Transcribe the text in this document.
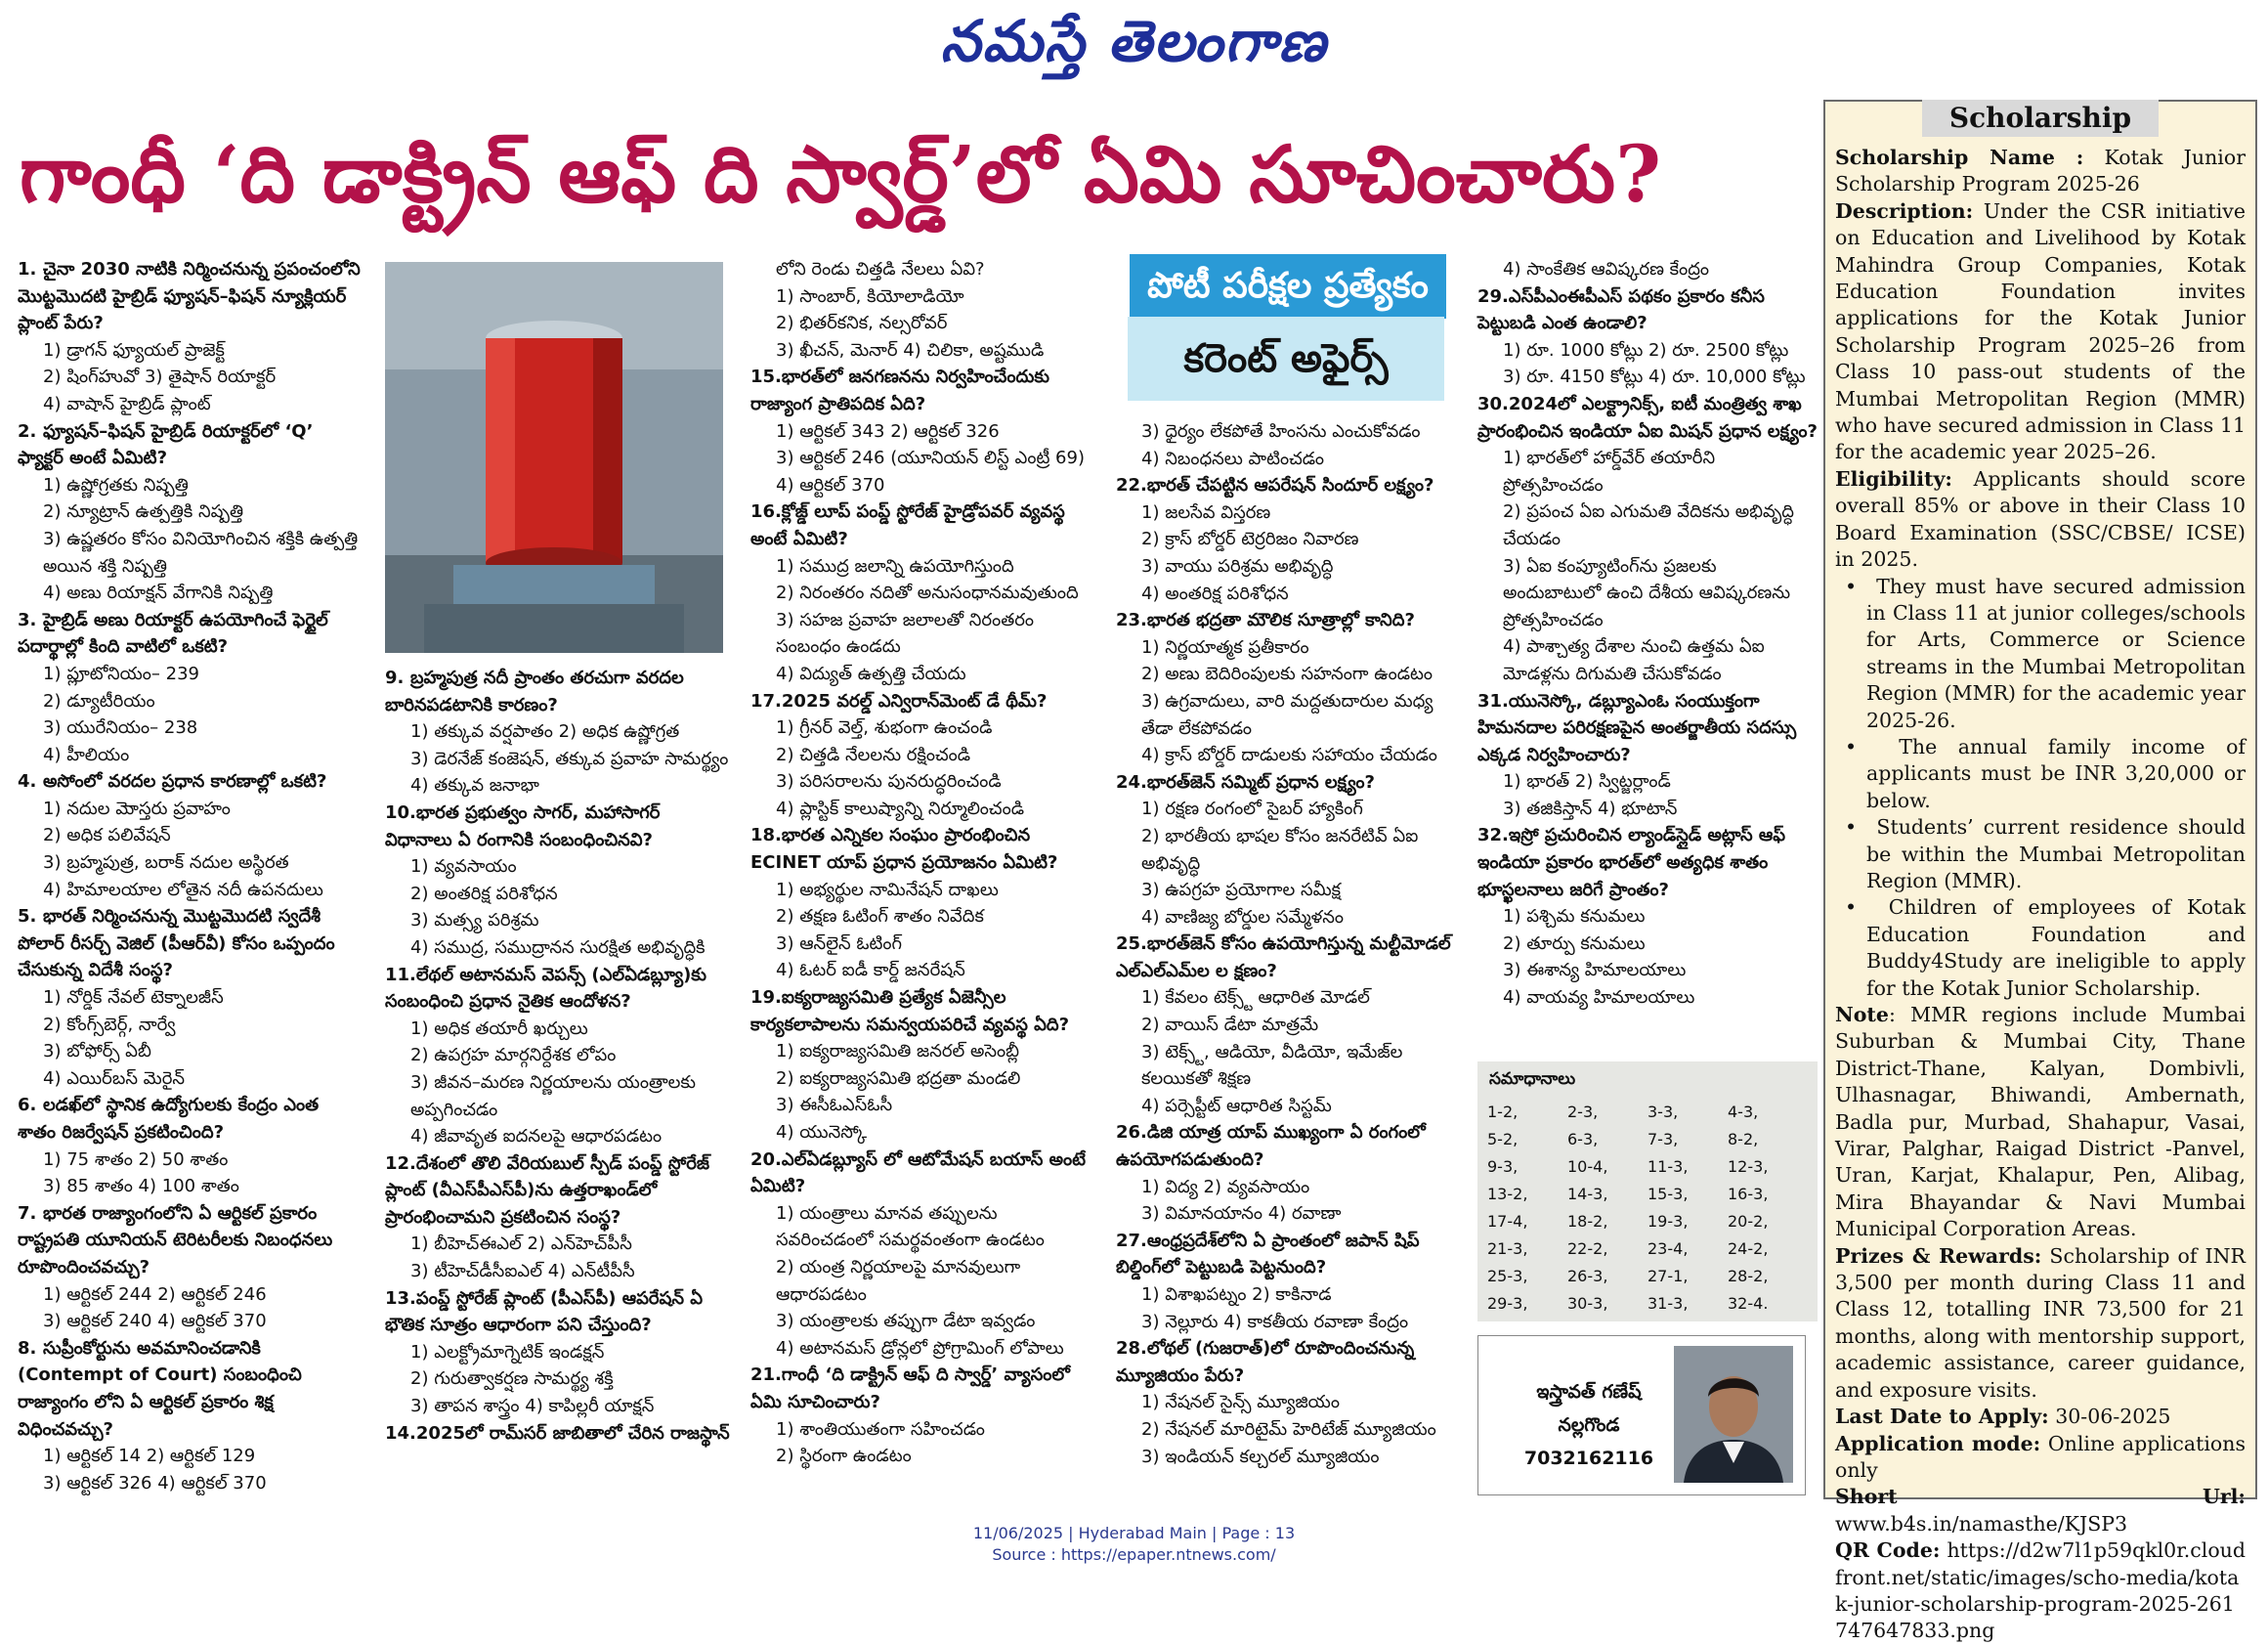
నమస్తే తెలంగాణ
గాంధీ ‘ది డాక్ట్రిన్ ఆఫ్ ది స్వార్డ్’లో ఏమి సూచించారు?

1. చైనా 2030 నాటికి నిర్మించనున్న ప్రపంచంలోని మొట్టమొదటి హైబ్రిడ్ ఫ్యూషన్–ఫిషన్ న్యూక్లియర్ ప్లాంట్ పేరు?

1) డ్రాగన్ ఫ్యూయల్ ప్రాజెక్ట్

2) షింగ్‌హువో 3) తైషాన్ రియాక్టర్

4) వాషాన్ హైబ్రిడ్ ప్లాంట్

2. ఫ్యూషన్–ఫిషన్ హైబ్రిడ్ రియాక్టర్‌లో ‘Q’ ఫ్యాక్టర్ అంటే ఏమిటి?

1) ఉష్ణోగ్రతకు నిష్పత్తి

2) న్యూట్రాన్ ఉత్పత్తికి నిష్పత్తి

3) ఉష్ణతరం కోసం వినియోగించిన శక్తికి ఉత్పత్తి అయిన శక్తి నిష్పత్తి

4) అణు రియాక్షన్ వేగానికి నిష్పత్తి

3. హైబ్రిడ్ అణు రియాక్టర్ ఉపయోగించే ఫెర్టైల్ పదార్థాల్లో కింది వాటిలో ఒకటి?

1) ప్లూటోనియం– 239

2) డ్యూటీరియం

3) యురేనియం– 238

4) హీలియం

4. అసోంలో వరదల ప్రధాన కారణాల్లో ఒకటి?

1) నదుల మెాస్తరు ప్రవాహం

2) అధిక పలివేషన్

3) బ్రహ్మపుత్ర, బరాక్ నదుల అస్థిరత

4) హిమాలయాల లోతైన నదీ ఉపనదులు

5. భారత్ నిర్మించనున్న మొట్టమొదటి స్వదేశీ పోలార్ రీసర్చ్ వెజిల్ (పీఆర్‌వీ) కోసం ఒప్పందం చేసుకున్న విదేశీ సంస్థ?

1) నోర్డిక్ నేవల్ టెక్నాలజీస్

2) కోంగ్స్‌బెర్గ్, నార్వే

3) బోఫోర్స్ ఏబీ

4) ఎయిర్‌బస్ మెరైన్

6. లడఖ్‌లో స్థానిక ఉద్యోగులకు కేంద్రం ఎంత శాతం రిజర్వేషన్ ప్రకటించింది?

1) 75 శాతం 2) 50 శాతం

3) 85 శాతం 4) 100 శాతం

7. భారత రాజ్యాంగంలోని ఏ ఆర్టికల్ ప్రకారం రాష్ట్రపతి యూనియన్ టెరిటరీలకు నిబంధనలు రూపొందించవచ్చు?

1) ఆర్టికల్ 244 2) ఆర్టికల్ 246

3) ఆర్టికల్ 240 4) ఆర్టికల్ 370

8. సుప్రీంకోర్టును అవమానించడానికి (Contempt of Court) సంబంధించి రాజ్యాంగం లోని ఏ ఆర్టికల్ ప్రకారం శిక్ష విధించవచ్చు?

1) ఆర్టికల్ 14 2) ఆర్టికల్ 129

3) ఆర్టికల్ 326 4) ఆర్టికల్ 370

9. బ్రహ్మపుత్ర నదీ ప్రాంతం తరచుగా వరదల బారినపడటానికి కారణం?

1) తక్కువ వర్షపాతం 2) అధిక ఉష్ణోగ్రత

3) డెరనేజ్ కంజెషన్, తక్కువ ప్రవాహ సామర్థ్యం

4) తక్కువ జనాభా

10.భారత ప్రభుత్వం సాగర్, మహాసాగర్ విధానాలు ఏ రంగానికి సంబంధించినవి?

1) వ్యవసాయం

2) అంతరిక్ష పరిశోధన

3) మత్స్య పరిశ్రమ

4) సముద్ర, సముద్రానన సురక్షిత అభివృద్ధికి

11.లేథల్ అటానమస్ వెపన్స్ (ఎల్ఏడబ్ల్యూ)కు సంబంధించి ప్రధాన నైతిక ఆందోళన?

1) అధిక తయారీ ఖర్చులు

2) ఉపగ్రహ మార్గనిర్దేశక లోపం

3) జీవన–మరణ నిర్ణయాలను యంత్రాలకు అప్పగించడం

4) జీవావృత ఐదనలపై ఆధారపడటం

12.దేశంలో తొలి వేరియబుల్ స్పీడ్ పంప్డ్ స్టోరేజ్ ప్లాంట్ (వీఎస్‌పీఎస్‌పీ)ను ఉత్తరాఖండ్‌లో ప్రారంభించామని ప్రకటించిన సంస్థ?

1) బీహెచ్ఈఎల్ 2) ఎన్‌హెచ్‌పీసీ

3) టీహెచ్‌డీసీఐఎల్ 4) ఎన్‌టీపీసీ

13.పంప్డ్ స్టోరేజ్ ప్లాంట్ (పీఎస్‌పీ) ఆపరేషన్ ఏ భౌతిక సూత్రం ఆధారంగా పని చేస్తుంది?

1) ఎలక్ట్రోమాగ్నెటిక్ ఇండక్షన్

2) గురుత్వాకర్షణ సామర్థ్య శక్తి

3) తాపన శాస్త్రం 4) కాపిల్లరీ యాక్షన్

14.2025లో రామ్‌సర్ జాబితాలో చేరిన రాజస్థాన్

లోని రెండు చిత్తడి నేలలు ఏవి?

1) సాంబార్, కియోలాడియో

2) భితర్‌కనిక, నల్సరోవర్

3) ఖీచన్, మెనార్ 4) చిలికా, అష్టముడి

15.భారత్‌లో జనగణనను నిర్వహించేందుకు రాజ్యాంగ ప్రాతిపదిక ఏది?

1) ఆర్టికల్ 343 2) ఆర్టికల్ 326

3) ఆర్టికల్ 246 (యూనియన్ లిస్ట్ ఎంట్రీ 69)

4) ఆర్టికల్ 370

16.క్లోజ్డ్ లూప్ పంప్డ్ స్టోరేజ్ హైడ్రోపవర్ వ్యవస్థ అంటే ఏమిటి?

1) సముద్ర జలాన్ని ఉపయోగిస్తుంది

2) నిరంతరం నదితో అనుసంధానమవుతుంది

3) సహజ ప్రవాహ జలాలతో నిరంతరం సంబంధం ఉండదు

4) విద్యుత్ ఉత్పత్తి చేయదు

17.2025 వరల్డ్ ఎన్విరాన్‌మెంట్ డే థీమ్?

1) గ్రీనర్ వెల్త్‌, శుభంగా ఉంచండి

2) చిత్తడి నేలలను రక్షించండి

3) పరిసరాలను పునరుద్ధరించండి

4) ప్లాస్టిక్ కాలుష్యాన్ని నిర్మూలించండి

18.భారత ఎన్నికల సంఘం ప్రారంభించిన ECINET యాప్ ప్రధాన ప్రయోజనం ఏమిటి?

1) అభ్యర్థుల నామినేషన్ దాఖలు

2) తక్షణ ఓటింగ్ శాతం నివేదిక

3) ఆన్‌లైన్ ఓటింగ్

4) ఓటర్ ఐడీ కార్డ్ జనరేషన్

19.ఐక్యరాజ్యసమితి ప్రత్యేక ఏజెన్సీల కార్యకలాపాలను సమన్వయపరిచే వ్యవస్థ ఏది?

1) ఐక్యరాజ్యసమితి జనరల్ అసెంబ్లీ

2) ఐక్యరాజ్యసమితి భద్రతా మండలి

3) ఈసీఓఎస్ఓసీ

4) యునెస్కో

20.ఎల్ఏడబ్ల్యూస్ లో ఆటోమేషన్ బయాస్ అంటే ఏమిటి?

1) యంత్రాలు మానవ తప్పులను సవరించడంలో సమర్థవంతంగా ఉండటం

2) యంత్ర నిర్ణయాలపై మానవులుగా ఆధారపడటం

3) యంత్రాలకు తప్పుగా డేటా ఇవ్వడం

4) అటానమస్ డ్రోన్లలో ప్రోగ్రామింగ్ లోపాలు

21.గాంధీ ‘ది డాక్ట్రిన్ ఆఫ్ ది స్వార్డ్’ వ్యాసంలో ఏమి సూచించారు?

1) శాంతియుతంగా సహించడం

2) స్థిరంగా ఉండటం

పోటీ పరీక్షల ప్రత్యేకం
కరెంట్ అఫైర్స్

3) ధైర్యం లేకపోతే హింసను ఎంచుకోవడం

4) నిబంధనలు పాటించడం

22.భారత్ చేపట్టిన ఆపరేషన్ సిందూర్ లక్ష్యం?

1) జలసేవ విస్తరణ

2) క్రాస్ బోర్డర్ టెర్రరిజం నివారణ

3) వాయు పరిశ్రమ అభివృద్ధి

4) అంతరిక్ష పరిశోధన

23.భారత భద్రతా మౌలిక సూత్రాల్లో కానిది?

1) నిర్ణయాత్మక ప్రతీకారం

2) అణు బెదిరింపులకు సహనంగా ఉండటం

3) ఉగ్రవాదులు, వారి మద్దతుదారుల మధ్య తేడా లేకపోవడం

4) క్రాస్ బోర్డర్ దాడులకు సహాయం చేయడం

24.భారత్‌జెన్ సమ్మిట్ ప్రధాన లక్ష్యం?

1) రక్షణ రంగంలో సైబర్ హ్యాకింగ్

2) భారతీయ భాషల కోసం జనరేటివ్ ఏఐ అభివృద్ధి

3) ఉపగ్రహ ప్రయోగాల సమీక్ష

4) వాణిజ్య బోర్డుల సమ్మేళనం

25.భారత్‌జెన్ కోసం ఉపయోగిస్తున్న మల్టీమోడల్ ఎల్ఎల్ఎమ్‌ల ల క్షణం?

1) కేవలం టెక్స్ట్ ఆధారిత మోడల్

2) వాయిస్ డేటా మాత్రమే

3) టెక్స్ట్, ఆడియో, వీడియో, ఇమేజ్‌ల కలయికతో శిక్షణ

4) పర్సెప్టీట్ ఆధారిత సిస్టమ్

26.డిజి యాత్ర యాప్ ముఖ్యంగా ఏ రంగంలో ఉపయోగపడుతుంది?

1) విద్య 2) వ్యవసాయం

3) విమానయానం 4) రవాణా

27.ఆంధ్రప్రదేశ్‌లోని ఏ ప్రాంతంలో జపాన్ షిప్ బిల్డింగ్‌లో పెట్టుబడి పెట్టనుంది?

1) విశాఖపట్నం 2) కాకినాడ

3) నెల్లూరు 4) కాకతీయ రవాణా కేంద్రం

28.లోథల్ (గుజరాత్)లో రూపొందించనున్న మ్యూజియం పేరు?

1) నేషనల్ సైన్స్ మ్యూజియం

2) నేషనల్ మారిటైమ్ హెరిటేజ్ మ్యూజియం

3) ఇండియన్ కల్చరల్ మ్యూజియం

4) సాంకేతిక ఆవిష్కరణ కేంద్రం

29.ఎస్‌పీఎంఈపీఎస్ పథకం ప్రకారం కనీస పెట్టుబడి ఎంత ఉండాలి?

1) రూ. 1000 కోట్లు 2) రూ. 2500 కోట్లు

3) రూ. 4150 కోట్లు 4) రూ. 10,000 కోట్లు

30.2024లో ఎలక్ట్రానిక్స్, ఐటీ మంత్రిత్వ శాఖ ప్రారంభించిన ఇండియా ఏఐ మిషన్ ప్రధాన లక్ష్యం?

1) భారత్‌లో హార్డ్‌వేర్ తయారీని ప్రోత్సహించడం

2) ప్రపంచ ఏఐ ఎగుమతి వేదికను అభివృద్ధి చేయడం

3) ఏఐ కంప్యూటింగ్‌ను ప్రజలకు అందుబాటులో ఉంచి దేశీయ ఆవిష్కరణను ప్రోత్సహించడం

4) పాశ్చాత్య దేశాల నుంచి ఉత్తమ ఏఐ మోడళ్లను దిగుమతి చేసుకోవడం

31.యునెస్కో, డబ్ల్యూఎంఓ సంయుక్తంగా హిమనదాల పరిరక్షణపైన అంతర్జాతీయ సదస్సు ఎక్కడ నిర్వహించారు?

1) భారత్ 2) స్విట్జర్లాండ్

3) తజికిస్తాన్ 4) భూటాన్

32.ఇస్రో ప్రచురించిన ల్యాండ్‌స్లైడ్ అట్లాస్ ఆఫ్ ఇండియా ప్రకారం భారత్‌లో అత్యధిక శాతం భూస్ఖలనాలు జరిగే ప్రాంతం?

1) పశ్చిమ కనుమలు

2) తూర్పు కనుమలు

3) ఈశాన్య హిమాలయాలు

4) వాయవ్య హిమాలయాలు

సమాధానాలు
1-2,	2-3,	3-3,	4-3,
5-2,	6-3,	7-3,	8-2,
9-3,	10-4,	11-3,	12-3,
13-2,	14-3,	15-3,	16-3,
17-4,	18-2,	19-3,	20-2,
21-3,	22-2,	23-4,	24-2,
25-3,	26-3,	27-1,	28-2,
29-3,	30-3,	31-3,	32-4.
ఇస్త్రావత్ గణేష్
నల్లగొండ
7032162116
Scholarship

Scholarship Name : Kotak Junior Scholarship Program 2025-26

Description: Under the CSR initiative on Education and Livelihood by Kotak Mahindra Group Companies, Kotak Education Foundation invites applications for the Kotak Junior Scholarship Program 2025–26 from Class 10 pass-out students of the Mumbai Metropolitan Region (MMR) who have secured admission in Class 11 for the academic year 2025–26.

Eligibility: Applicants should score overall 85% or above in their Class 10 Board Examination (SSC/CBSE/ ICSE) in 2025.

•  They must have secured admission in Class 11 at junior colleges/schools for Arts, Commerce or Science streams in the Mumbai Metropolitan Region (MMR) for the academic year 2025-26.

•  The annual family income of applicants must be INR 3,20,000 or below.

•  Students’ current residence should be within the Mumbai Metropolitan Region (MMR).

•  Children of employees of Kotak Education Foundation and Buddy4Study are ineligible to apply for the Kotak Junior Scholarship.

Note: MMR regions include Mumbai Suburban & Mumbai City, Thane District-Thane, Kalyan, Dombivli, Ulhasnagar, Bhiwandi, Ambernath, Badla pur, Murbad, Shahapur, Vasai, Virar, Palghar, Raigad District -Panvel, Uran, Karjat, Khalapur, Pen, Alibag, Mira Bhayandar & Navi Mumbai Municipal Corporation Areas.

Prizes & Rewards: Scholarship of INR 3,500 per month during Class 11 and Class 12, totalling INR 73,500 for 21 months, along with mentorship support, academic assistance, career guidance, and exposure visits.

Last Date to Apply: 30-06-2025

Application mode: Online applications only

Short Url: www.b4s.in/namasthe/KJSP3

QR Code: https://d2w7l1p59qkl0r.cloudfront.net/static/images/scho-media/kotak-junior-scholarship-program-2025-261747647833.png

11/06/2025 | Hyderabad Main | Page : 13
Source : https://epaper.ntnews.com/
